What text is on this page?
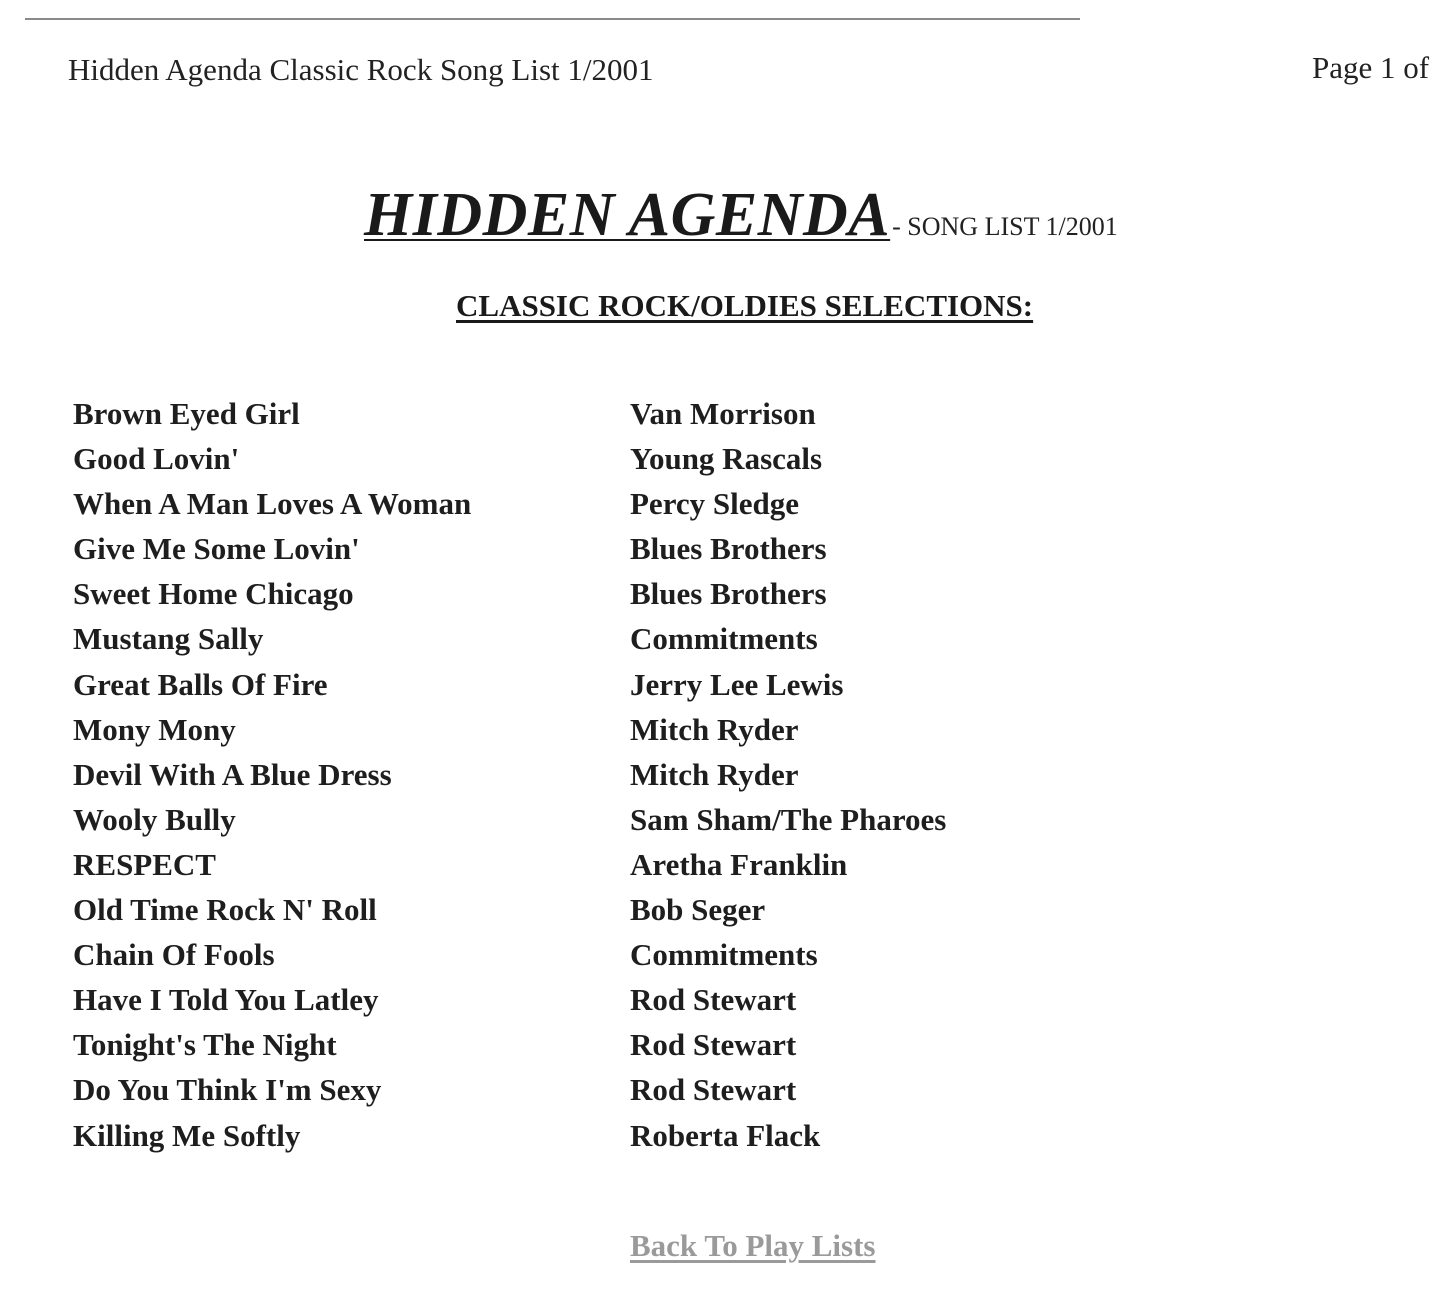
Hidden Agenda Classic Rock Song List 1/2001	Page 1 of
HIDDEN AGENDA- SONG LIST 1/2001
CLASSIC ROCK/OLDIES SELECTIONS:
Brown Eyed Girl	Van Morrison
Good Lovin'	Young Rascals
When A Man Loves A Woman	Percy Sledge
Give Me Some Lovin'	Blues Brothers
Sweet Home Chicago	Blues Brothers
Mustang Sally	Commitments
Great Balls Of Fire	Jerry Lee Lewis
Mony Mony	Mitch Ryder
Devil With A Blue Dress	Mitch Ryder
Wooly Bully	Sam Sham/The Pharoes
RESPECT	Aretha Franklin
Old Time Rock N' Roll	Bob Seger
Chain Of Fools	Commitments
Have I Told You Latley	Rod Stewart
Tonight's The Night	Rod Stewart
Do You Think I'm Sexy	Rod Stewart
Killing Me Softly	Roberta Flack
Back To Play Lists
